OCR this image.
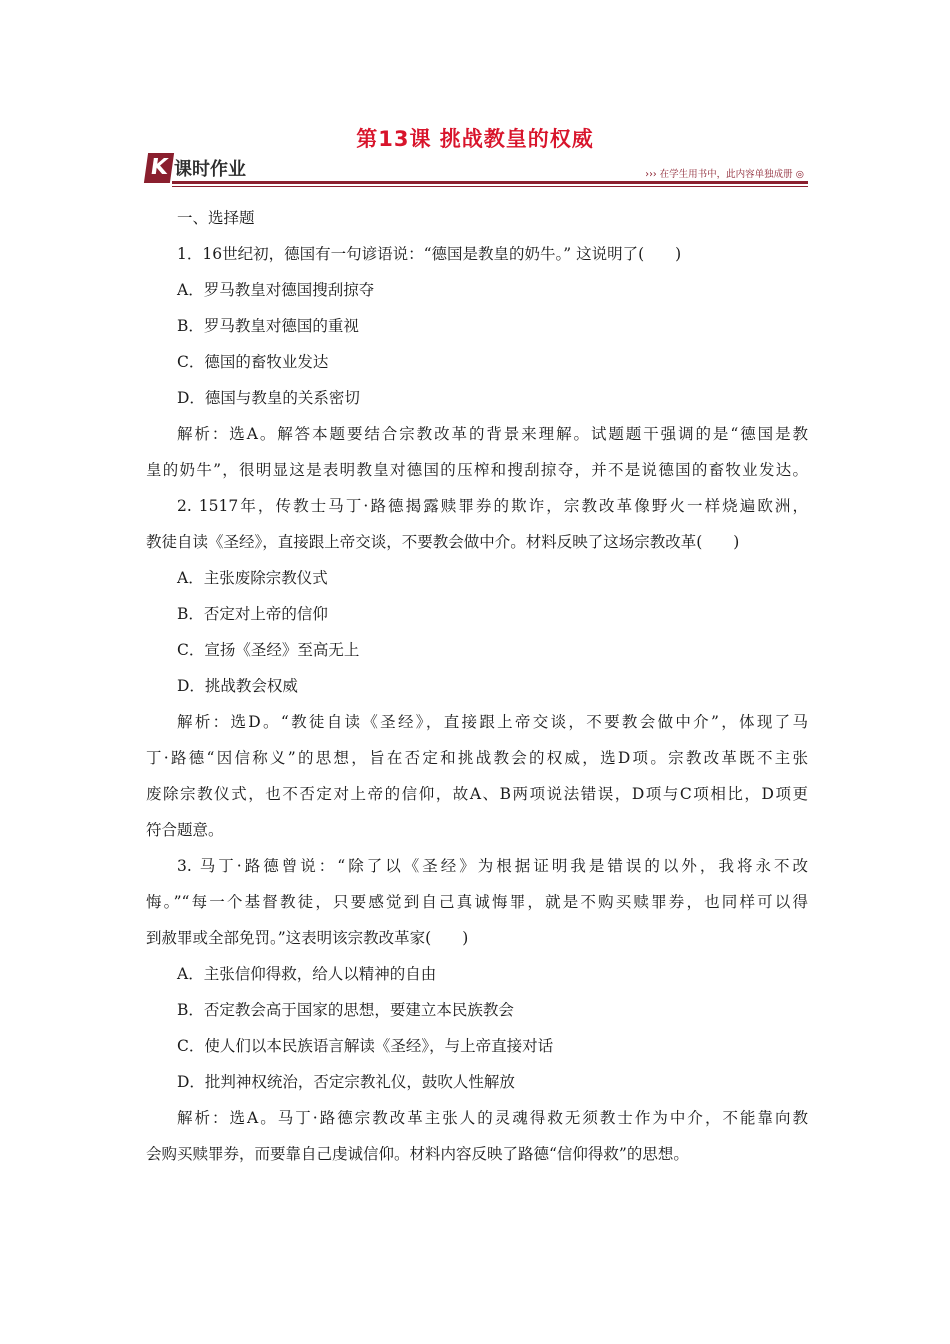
第13课 挑战教皇的权威
K 课时作业	››› 在学生用书中，此内容单独成册 ◎
一、选择题
1．16世纪初，德国有一句谚语说：“德国是教皇的奶牛。” 这说明了(　　)
A．罗马教皇对德国搜刮掠夺
B．罗马教皇对德国的重视
C．德国的畜牧业发达
D．德国与教皇的关系密切
解析：选A。解答本题要结合宗教改革的背景来理解。试题题干强调的是“德国是教
皇的奶牛”，很明显这是表明教皇对德国的压榨和搜刮掠夺，并不是说德国的畜牧业发达。
2. 1517年，传教士马丁·路德揭露赎罪券的欺诈，宗教改革像野火一样烧遍欧洲，
教徒自读《圣经》，直接跟上帝交谈，不要教会做中介。材料反映了这场宗教改革(　　)
A．主张废除宗教仪式
B．否定对上帝的信仰
C．宣扬《圣经》至高无上
D．挑战教会权威
解析：选D。“教徒自读《圣经》，直接跟上帝交谈，不要教会做中介”，体现了马
丁·路德“因信称义”的思想，旨在否定和挑战教会的权威，选D项。宗教改革既不主张
废除宗教仪式，也不否定对上帝的信仰，故A、B两项说法错误，D项与C项相比，D项更
符合题意。
3. 马丁·路德曾说：“除了以《圣经》为根据证明我是错误的以外，我将永不改
悔。”“每一个基督教徒，只要感觉到自己真诚悔罪，就是不购买赎罪券，也同样可以得
到赦罪或全部免罚。”这表明该宗教改革家(　　)
A．主张信仰得救，给人以精神的自由
B．否定教会高于国家的思想，要建立本民族教会
C．使人们以本民族语言解读《圣经》，与上帝直接对话
D．批判神权统治，否定宗教礼仪，鼓吹人性解放
解析：选A。马丁·路德宗教改革主张人的灵魂得救无须教士作为中介，不能靠向教
会购买赎罪券，而要靠自己虔诚信仰。材料内容反映了路德“信仰得救”的思想。
